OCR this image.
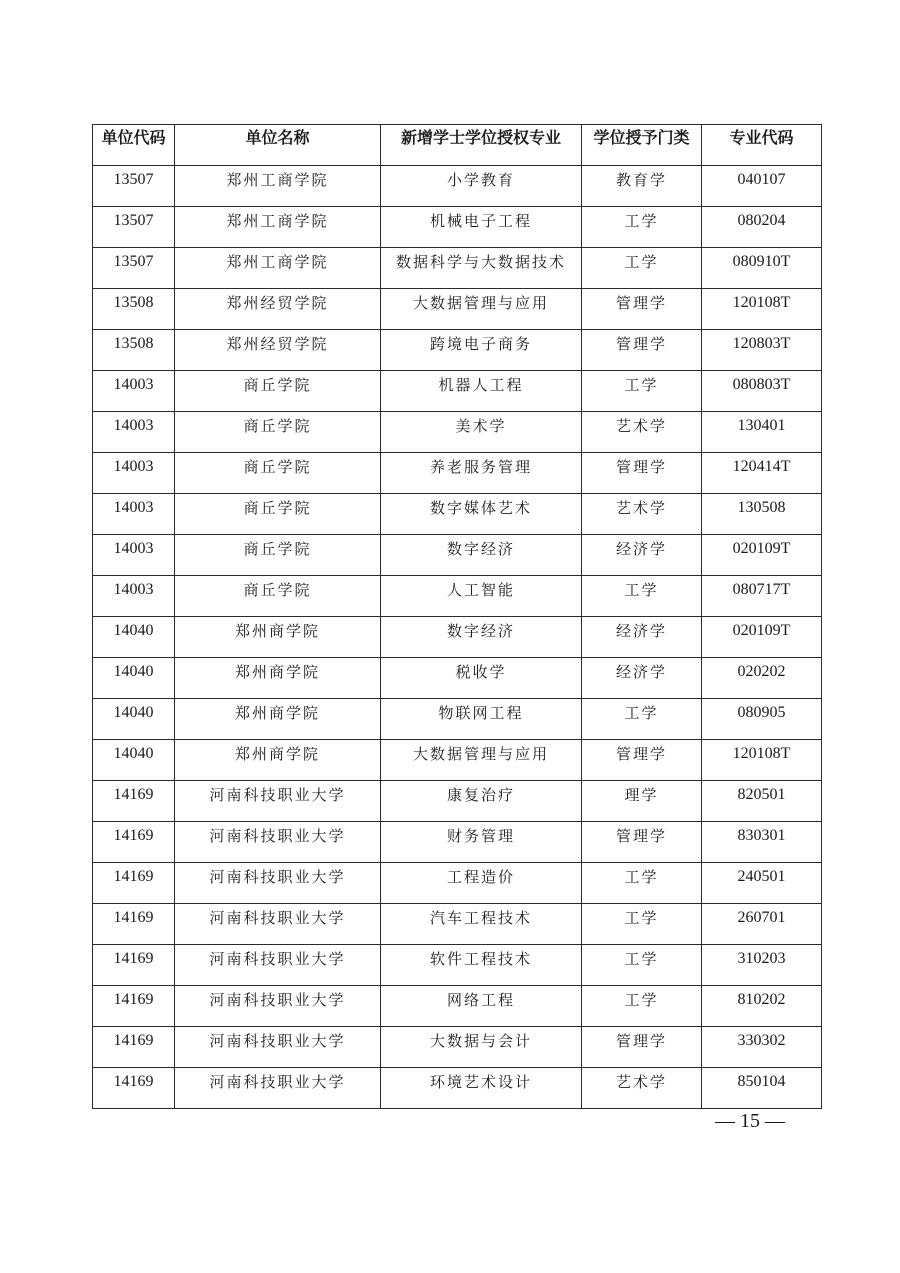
单位代码	单位名称	新增学士学位授权专业	学位授予门类	专业代码
13507	郑州工商学院	小学教育	教育学	040107
13507	郑州工商学院	机械电子工程	工学	080204
13507	郑州工商学院	数据科学与大数据技术	工学	080910T
13508	郑州经贸学院	大数据管理与应用	管理学	120108T
13508	郑州经贸学院	跨境电子商务	管理学	120803T
14003	商丘学院	机器人工程	工学	080803T
14003	商丘学院	美术学	艺术学	130401
14003	商丘学院	养老服务管理	管理学	120414T
14003	商丘学院	数字媒体艺术	艺术学	130508
14003	商丘学院	数字经济	经济学	020109T
14003	商丘学院	人工智能	工学	080717T
14040	郑州商学院	数字经济	经济学	020109T
14040	郑州商学院	税收学	经济学	020202
14040	郑州商学院	物联网工程	工学	080905
14040	郑州商学院	大数据管理与应用	管理学	120108T
14169	河南科技职业大学	康复治疗	理学	820501
14169	河南科技职业大学	财务管理	管理学	830301
14169	河南科技职业大学	工程造价	工学	240501
14169	河南科技职业大学	汽车工程技术	工学	260701
14169	河南科技职业大学	软件工程技术	工学	310203
14169	河南科技职业大学	网络工程	工学	810202
14169	河南科技职业大学	大数据与会计	管理学	330302
14169	河南科技职业大学	环境艺术设计	艺术学	850104
— 15 —
